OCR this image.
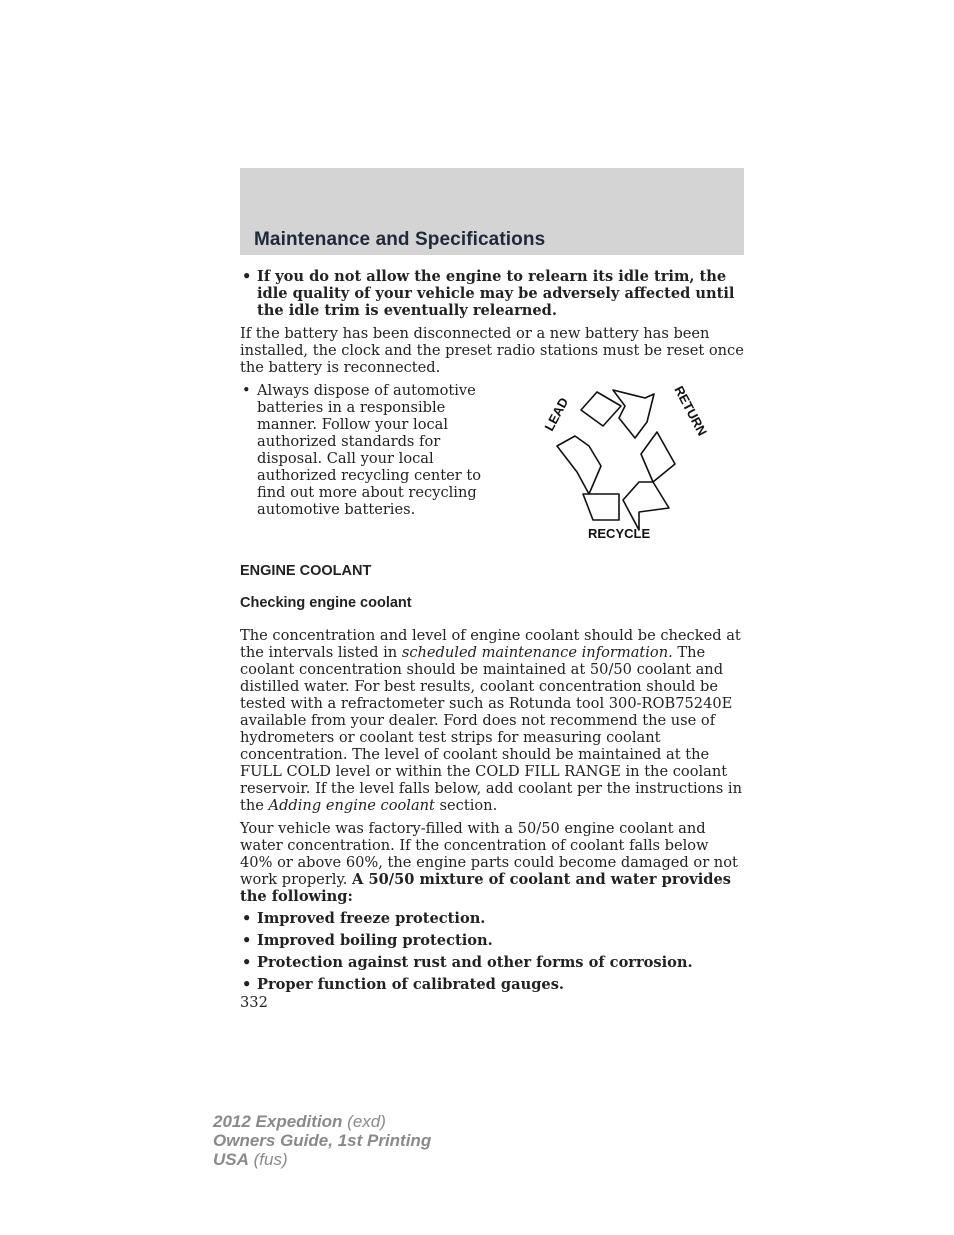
Maintenance and Specifications

• If you do not allow the engine to relearn its idle trim, the idle quality of your vehicle may be adversely affected until the idle trim is eventually relearned.

If the battery has been disconnected or a new battery has been installed, the clock and the preset radio stations must be reset once the battery is reconnected.

• Always dispose of automotive batteries in a responsible manner. Follow your local authorized standards for disposal. Call your local authorized recycling center to find out more about recycling automotive batteries.

LEAD	RETURN
RECYCLE
ENGINE COOLANT
Checking engine coolant

The concentration and level of engine coolant should be checked at the intervals listed in scheduled maintenance information. The coolant concentration should be maintained at 50/50 coolant and distilled water. For best results, coolant concentration should be tested with a refractometer such as Rotunda tool 300-ROB75240E available from your dealer. Ford does not recommend the use of hydrometers or coolant test strips for measuring coolant concentration. The level of coolant should be maintained at the FULL COLD level or within the COLD FILL RANGE in the coolant reservoir. If the level falls below, add coolant per the instructions in the Adding engine coolant section.

Your vehicle was factory-filled with a 50/50 engine coolant and water concentration. If the concentration of coolant falls below 40% or above 60%, the engine parts could become damaged or not work properly. A 50/50 mixture of coolant and water provides the following:

• Improved freeze protection.

• Improved boiling protection.

• Protection against rust and other forms of corrosion.

• Proper function of calibrated gauges.

332

2012 Expedition (exd)
Owners Guide, 1st Printing
USA (fus)
